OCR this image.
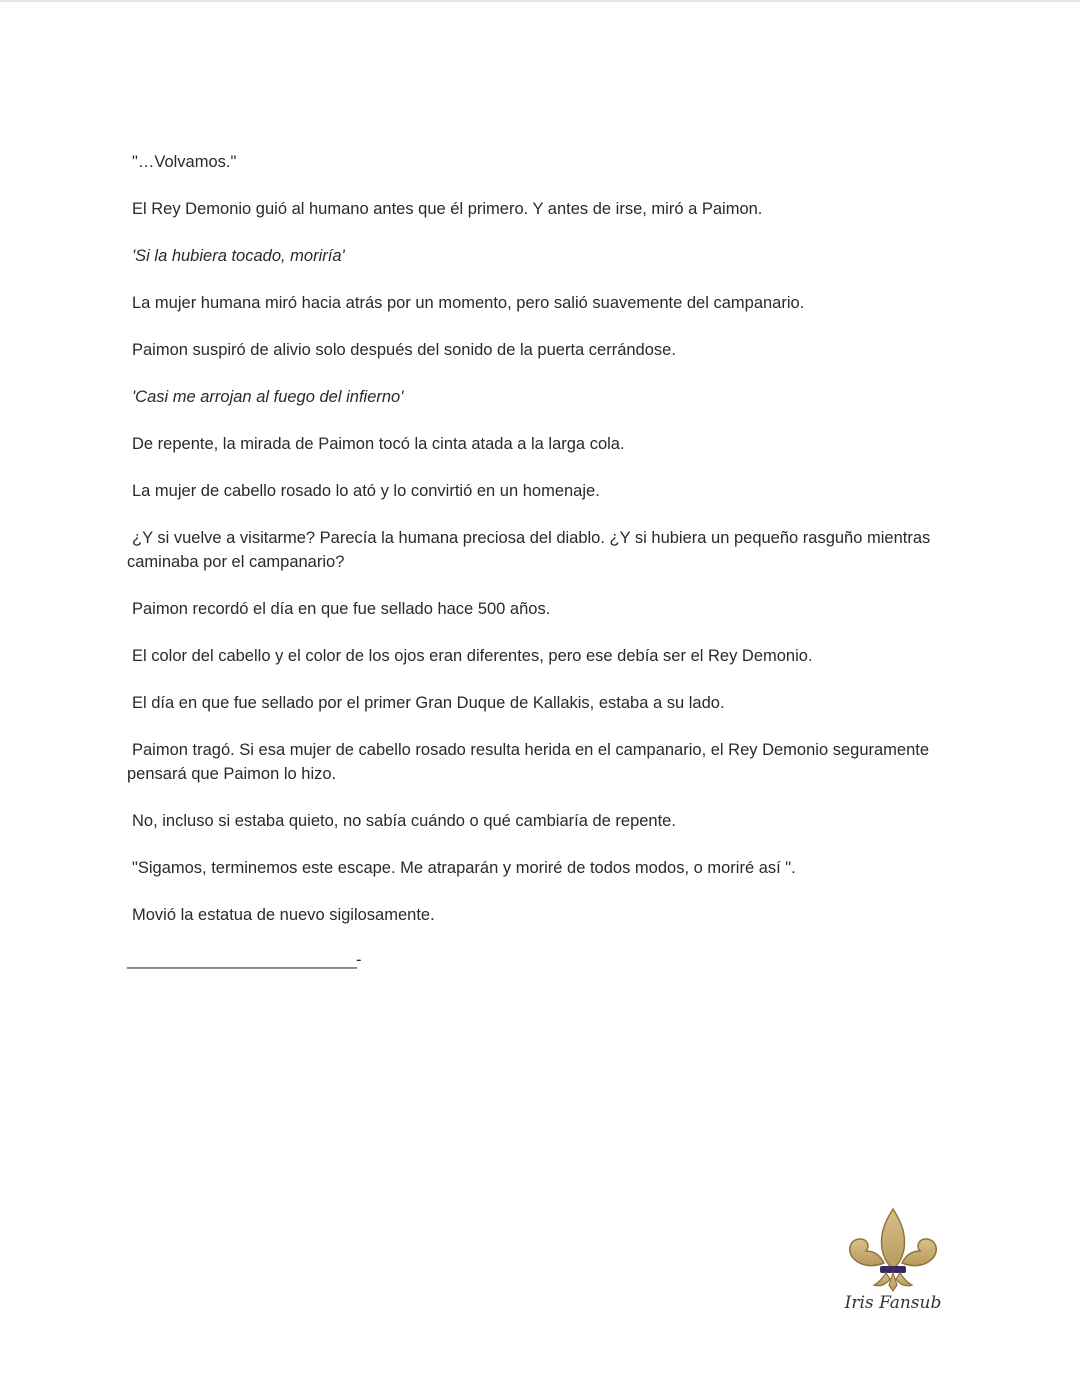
"…Volvamos."

El Rey Demonio guió al humano antes que él primero. Y antes de irse, miró a Paimon.

'Si la hubiera tocado, moriría'

La mujer humana miró hacia atrás por un momento, pero salió suavemente del campanario.

Paimon suspiró de alivio solo después del sonido de la puerta cerrándose.

'Casi me arrojan al fuego del infierno'

De repente, la mirada de Paimon tocó la cinta atada a la larga cola.

La mujer de cabello rosado lo ató y lo convirtió en un homenaje.

¿Y si vuelve a visitarme? Parecía la humana preciosa del diablo. ¿Y si hubiera un pequeño rasguño mientras caminaba por el campanario?

Paimon recordó el día en que fue sellado hace 500 años.

El color del cabello y el color de los ojos eran diferentes, pero ese debía ser el Rey Demonio.

El día en que fue sellado por el primer Gran Duque de Kallakis, estaba a su lado.

Paimon tragó. Si esa mujer de cabello rosado resulta herida en el campanario, el Rey Demonio seguramente pensará que Paimon lo hizo.

No, incluso si estaba quieto, no sabía cuándo o qué cambiaría de repente.

"Sigamos, terminemos este escape. Me atraparán y moriré de todos modos, o moriré así ".

Movió la estatua de nuevo sigilosamente.

____________________________-
Iris Fansub
